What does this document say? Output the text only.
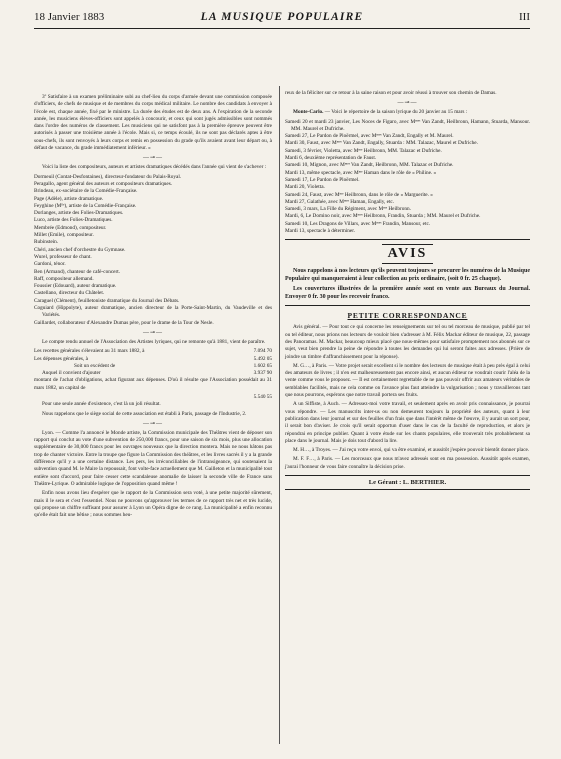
18 Janvier 1883	LA MUSIQUE POPULAIRE	III

3º Satisfaire à un examen préliminaire subi au chef-lieu du corps d'armée devant une commission composée d'officiers, de chefs de musique et de membres du corps médical militaire. Le nombre des candidats à envoyer à l'école est, chaque année, fixé par le ministre. La durée des études est de deux ans. A l'expiration de la seconde année, les musiciens élèves-officiers sont appelés à concourir, et ceux qui sont jugés admissibles sont nommés dans l'ordre des numéros de classement. Les musiciens qui ne satisfont pas à la première épreuve peuvent être autorisés à passer une troisième année à l'école. Mais si, ce temps écoulé, ils ne sont pas déclarés aptes à être sous-chefs, ils sont renvoyés à leurs corps et remis en possession du grade qu'ils avaient avant leur départ ou, à défaut de vacance, du grade immédiatement inférieur. »

—⊸—

Voici la liste des compositeurs, auteurs et artistes dramatiques décédés dans l'année qui vient de s'achever :

Dormeuil (Contat-Desfontaines), directeur-fondateur du Palais-Royal.

Peragallo, agent général des auteurs et compositeurs dramatiques.

Brindeau, ex-sociétaire de la Comédie-Française.

Page (Adèle), artiste dramatique.

Feyghine (Mˡˡᵉ), artiste de la Comédie-Française.

Dorlanges, artiste des Folies-Dramatiques.

Luco, artiste des Folies-Dramatiques.

Membrée (Edmond), compositeur.

Millet (Emile), compositeur.

Rubinstein.

Chéri, ancien chef d'orchestre du Gymnase.

Wurel, professeur de chant.

Gardoni, ténor.

Ben (Armand), chanteur de café-concert.

Raff, compositeur allemand.

Foussier (Edouard), auteur dramatique.

Castellano, directeur du Châtelet.

Caraguel (Clément), feuilletoniste dramatique du Journal des Débats.

Coguiard (Hippolyte), auteur dramatique, ancien directeur de la Porte-Saint-Martin, du Vaudeville et des Variétés.

Gaillardet, collaborateur d'Alexandre Dumas père, pour le drame de la Tour de Nesle.

—⊸—

Le compte rendu annuel de l'Association des Artistes lyriques, qui ne remonte qu'à 1881, vient de paraître.

Les recettes générales s'élevaient au 31 mars 1882, à	7.094 70
Les dépenses générales, à	5.492 05
Soit un excédent de	1.602 65
Auquel il convient d'ajouter	3.937 90

montant de l'achat d'obligations, achat figurant aux dépenses. D'où il résulte que l'Association possédait au 31 mars 1882, un capital de

5.540 55

Pour une seule année d'existence, c'est là un joli résultat.

Nous rappelons que le siège social de cette association est établi à Paris, passage de l'Industrie, 2.

—⊸—

Lyon. — Comme l'a annoncé le Monde artiste, la Commission municipale des Théâtres vient de déposer son rapport qui conclut au vote d'une subvention de 250,000 francs, pour une saison de six mois, plus une allocation supplémentaire de 30,000 francs pour les ouvrages nouveaux que la direction montera. Mais ne nous hâtons pas trop de chanter victoire. Entre la troupe que figure la Commission des théâtres, et les livres sacrés il y a la grande différence qu'il y a une certaine distance. Les pers, les irréconciliables de l'intransigeance, qui soutenaient la subvention quand M. le Maire la repoussait, font volte-face actuellement que M. Gailleton et la municipalité tout entière sont d'accord, pour faire cesser cette scandaleuse anomalie de laisser la seconde ville de France sans Théâtre-Lyrique. O admirable logique de l'opposition quand même !

Enfin nous avons lieu d'espérer que le rapport de la Commission sera voté, à une petite majorité sûrement, mais il le sera et c'est l'essentiel. Nous ne pouvons qu'approuver les termes de ce rapport très net et très lucide, qui propose un chiffre suffisant pour assurer à Lyon un Opéra digne de ce rang. La municipalité a enfin reconnu qu'elle était fait une bêtise ; nous sommes heu-

reux de la féliciter sur ce retour à la saine raison et pour avoir réussi à trouver son chemin de Damas.

—⊸—

Monte-Carlo. — Voici le répertoire de la saison lyrique du 20 janvier au 15 mars :

Samedi 20 et mardi 23 janvier, Les Noces de Figaro, avec Mᵐᵉˢ Van Zandt, Heilbronn, Hamann, Stuarda, Mansour. MM. Maurel et Dufriche.

Samedi 27, Le Pardon de Ploërmel, avec Mᵐᵉˢ Van Zandt, Engally et M. Maurel.

Mardi 30, Faust, avec Mᵐᵉˢ Van Zandt, Engally, Stuarda : MM. Talazac, Maurel et Dufriche.

Samedi, 3 février, Violetta, avec Mᵐᵉ Heilbronn, MM. Talazac et Dufriche.

Mardi 6, deuxième représentation de Faust.

Samedi 10, Mignon, avec Mᵐᵉˢ Van Zandt, Heilbronn, MM. Talazac et Dufriche.

Mardi 13, même spectacle, avec Mᵐᵉ Haman dans le rôle de « Philine. »

Samedi 17, Le Pardon de Ploërmel.

Mardi 20, Violetta.

Samedi 24, Faust, avec Mᵐᵉ Heilbronn, dans le rôle de « Marguerite. »

Mardi 27, Galathée, avec Mᵐᵉˢ Haman, Engally, etc.

Samedi, 3 mars, La Fille du Régiment, avec Mᵐᵉ Heilbronn.

Mardi, 6, Le Domino noir, avec Mᵐᵉˢ Heilbronn, Frandin, Stuarda ; MM. Maurel et Dufriche.

Samedi 10, Les Dragons de Villars, avec Mᵐᵉˢ Frandin, Mansour, etc.

Mardi 13, spectacle à déterminer.

AVIS

Nous rappelons à nos lecteurs qu'ils peuvent toujours se procurer les numéros de la Musique Populaire qui manqueraient à leur collection au prix ordinaire, (soit 0 fr. 25 chaque).

Les couvertures illustrées de la première année sont en vente aux Bureaux du Journal. Envoyer 0 fr. 30 pour les recevoir franco.

PETITE CORRESPONDANCE

Avis général. — Pour tout ce qui concerne les renseignements sur tel ou tel morceau de musique, publié par tel ou tel éditeur, nous prions nos lecteurs de vouloir bien s'adresser à M. Félix Mackar éditeur de musique, 22, passage des Panoramas. M. Mackar, beaucoup mieux placé que nous-mêmes pour satisfaire promptement nos abonnés sur ce sujet, veut bien prendre la peine de répondre à toutes les demandes qui lui seront faites aux adresses. (Prière de joindre un timbre d'affranchissement pour la réponse).

M. G…, à Paris. — Votre projet serait excellent si le nombre des lecteurs de musique était à peu près égal à celui des amateurs de livres ; il n'en est malheureusement pas encore ainsi, et aucun éditeur ne voudrait courir l'aléa de la vente comme vous le proposez. — Il est certainement regrettable de ne pas pouvoir offrir aux amateurs véritables de semblables facilités, mais ne cela comme on l'avance plus faut atteindre la vulgarisation ; nous y travaillerons tant que nous pourrons, espérons que notre travail portera ses fruits.

A un Siffiste, à Auch. — Adressez-moi votre travail, et seulement après en avoir pris connaissance, je pourrai vous répondre. — Les manuscrits inter-us ou non demeurent toujours la propriété des auteurs, quant à leur publication dans leur journal et sur des feuilles d'un frais que dans l'intérêt même de l'œuvre, il y aurait un sort pour, il serait bon d'aviser. Je crois qu'il serait opportun d'user dans le cas de la faculté de reproduction, et alors je répondrai en principe publier. Quant à votre étude sur les chants populaires, elle trouverait très probablement sa place dans le journal. Mais je dois tout d'abord la lire.

M. H…, à Troyes. — J'ai reçu votre envoi, qui va être examiné, et aussitôt j'espère pouvoir bientôt donner place.

M. F. F…, à Paris. — Les morceaux que nous m'avez adressés sont en ma possession. Aussitôt après examen, j'aurai l'honneur de vous faire connaître la décision prise.

Le Gérant : L. BERTHIER.
